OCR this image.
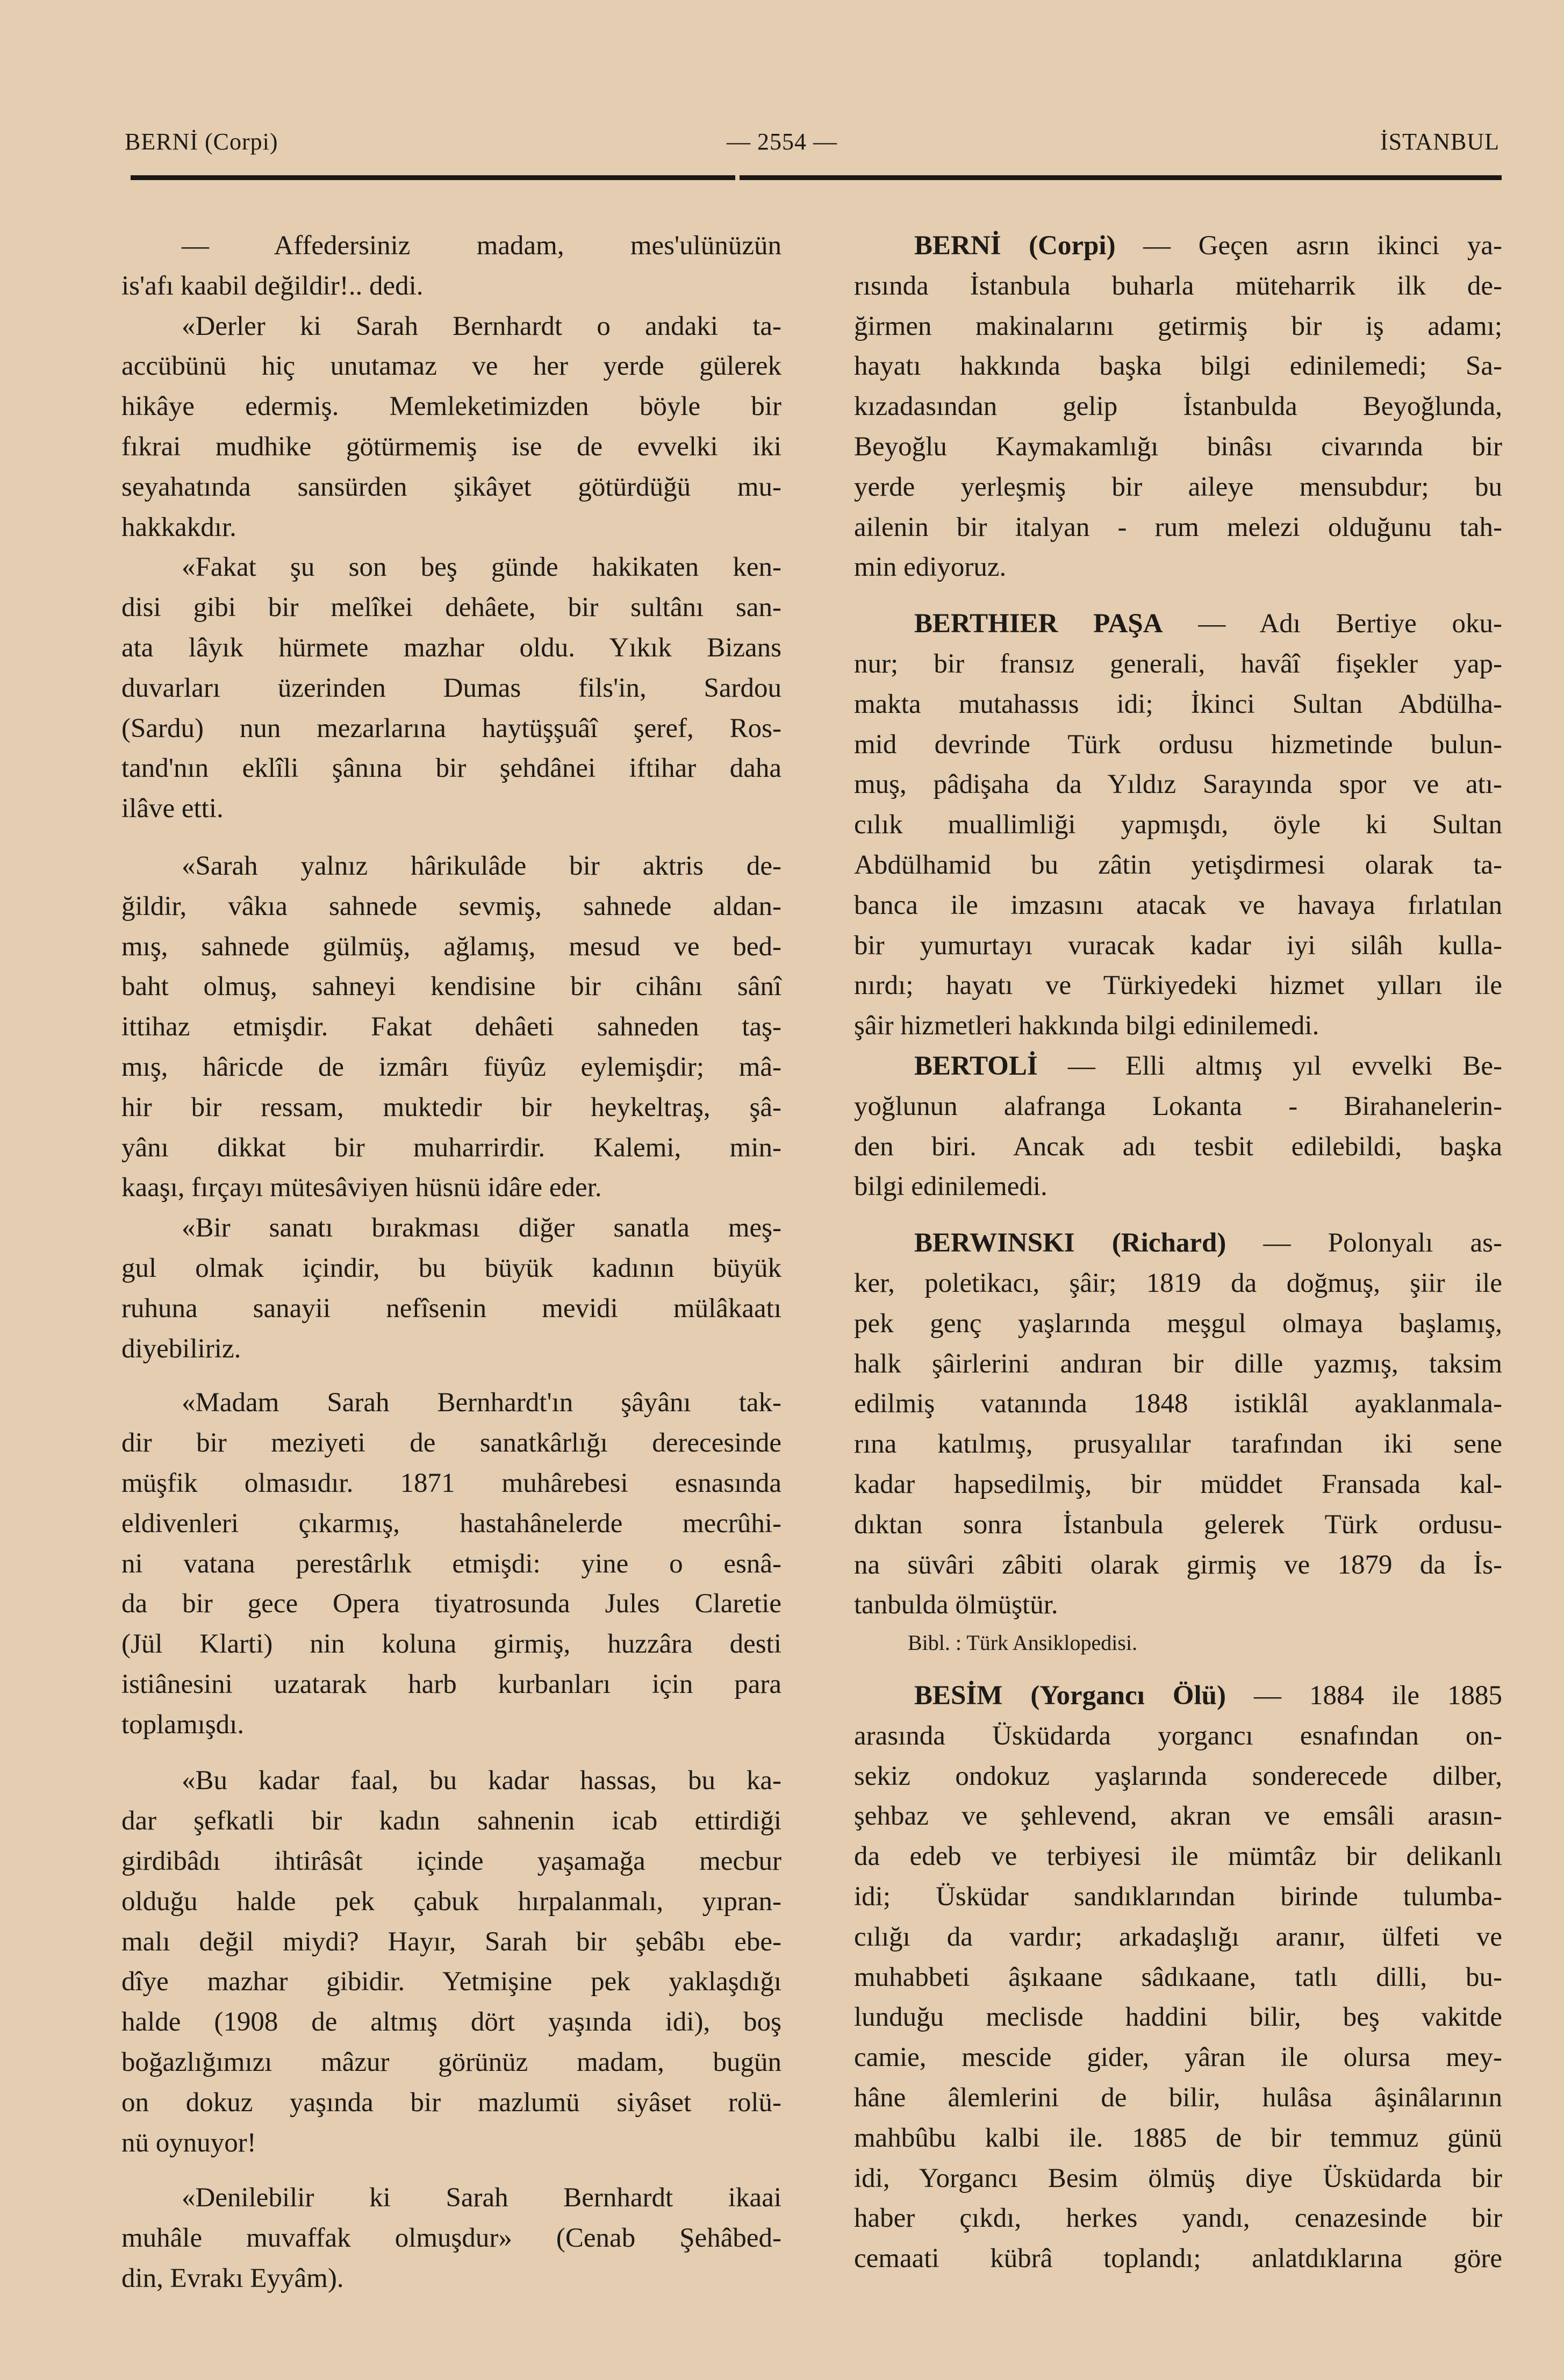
BERNİ (Corpi)	— 2554 —	İSTANBUL
— Affedersiniz madam, mes'ulünüzün
is'afı kaabil değildir!.. dedi.
«Derler ki Sarah Bernhardt o andaki ta-
accübünü hiç unutamaz ve her yerde gülerek
hikâye edermiş. Memleketimizden böyle bir
fıkrai mudhike götürmemiş ise de evvelki iki
seyahatında sansürden şikâyet götürdüğü mu-
hakkakdır.
«Fakat şu son beş günde hakikaten ken-
disi gibi bir melîkei dehâete, bir sultânı san-
ata lâyık hürmete mazhar oldu. Yıkık Bizans
duvarları üzerinden Dumas fils'in, Sardou
(Sardu) nun mezarlarına haytüşşuâî şeref, Ros-
tand'nın eklîli şânına bir şehdânei iftihar daha
ilâve etti.
«Sarah yalnız hârikulâde bir aktris de-
ğildir, vâkıa sahnede sevmiş, sahnede aldan-
mış, sahnede gülmüş, ağlamış, mesud ve bed-
baht olmuş, sahneyi kendisine bir cihânı sânî
ittihaz etmişdir. Fakat dehâeti sahneden taş-
mış, hâricde de izmârı füyûz eylemişdir; mâ-
hir bir ressam, muktedir bir heykeltraş, şâ-
yânı dikkat bir muharrirdir. Kalemi, min-
kaaşı, fırçayı mütesâviyen hüsnü idâre eder.
«Bir sanatı bırakması diğer sanatla meş-
gul olmak içindir, bu büyük kadının büyük
ruhuna sanayii nefîsenin mevidi mülâkaatı
diyebiliriz.
«Madam Sarah Bernhardt'ın şâyânı tak-
dir bir meziyeti de sanatkârlığı derecesinde
müşfik olmasıdır. 1871 muhârebesi esnasında
eldivenleri çıkarmış, hastahânelerde mecrûhi-
ni vatana perestârlık etmişdi: yine o esnâ-
da bir gece Opera tiyatrosunda Jules Claretie
(Jül Klarti) nin koluna girmiş, huzzâra desti
istiânesini uzatarak harb kurbanları için para
toplamışdı.
«Bu kadar faal, bu kadar hassas, bu ka-
dar şefkatli bir kadın sahnenin icab ettirdiği
girdibâdı ihtirâsât içinde yaşamağa mecbur
olduğu halde pek çabuk hırpalanmalı, yıpran-
malı değil miydi? Hayır, Sarah bir şebâbı ebe-
dîye mazhar gibidir. Yetmişine pek yaklaşdığı
halde (1908 de altmış dört yaşında idi), boş
boğazlığımızı mâzur görünüz madam, bugün
on dokuz yaşında bir mazlumü siyâset rolü-
nü oynuyor!
«Denilebilir ki Sarah Bernhardt ikaai
muhâle muvaffak olmuşdur» (Cenab Şehâbed-
din, Evrakı Eyyâm).
BERNİ (Corpi) — Geçen asrın ikinci ya-
rısında İstanbula buharla müteharrik ilk de-
ğirmen makinalarını getirmiş bir iş adamı;
hayatı hakkında başka bilgi edinilemedi; Sa-
kızadasından gelip İstanbulda Beyoğlunda,
Beyoğlu Kaymakamlığı binâsı civarında bir
yerde yerleşmiş bir aileye mensubdur; bu
ailenin bir italyan - rum melezi olduğunu tah-
min ediyoruz.
BERTHIER PAŞA — Adı Bertiye oku-
nur; bir fransız generali, havâî fişekler yap-
makta mutahassıs idi; İkinci Sultan Abdülha-
mid devrinde Türk ordusu hizmetinde bulun-
muş, pâdişaha da Yıldız Sarayında spor ve atı-
cılık muallimliği yapmışdı, öyle ki Sultan
Abdülhamid bu zâtin yetişdirmesi olarak ta-
banca ile imzasını atacak ve havaya fırlatılan
bir yumurtayı vuracak kadar iyi silâh kulla-
nırdı; hayatı ve Türkiyedeki hizmet yılları ile
şâir hizmetleri hakkında bilgi edinilemedi.
BERTOLİ — Elli altmış yıl evvelki Be-
yoğlunun alafranga Lokanta - Birahanelerin-
den biri. Ancak adı tesbit edilebildi, başka
bilgi edinilemedi.
BERWINSKI (Richard) — Polonyalı as-
ker, poletikacı, şâir; 1819 da doğmuş, şiir ile
pek genç yaşlarında meşgul olmaya başlamış,
halk şâirlerini andıran bir dille yazmış, taksim
edilmiş vatanında 1848 istiklâl ayaklanmala-
rına katılmış, prusyalılar tarafından iki sene
kadar hapsedilmiş, bir müddet Fransada kal-
dıktan sonra İstanbula gelerek Türk ordusu-
na süvâri zâbiti olarak girmiş ve 1879 da İs-
tanbulda ölmüştür.
Bibl. : Türk Ansiklopedisi.
BESİM (Yorgancı Ölü) — 1884 ile 1885
arasında Üsküdarda yorgancı esnafından on-
sekiz ondokuz yaşlarında sonderecede dilber,
şehbaz ve şehlevend, akran ve emsâli arasın-
da edeb ve terbiyesi ile mümtâz bir delikanlı
idi; Üsküdar sandıklarından birinde tulumba-
cılığı da vardır; arkadaşlığı aranır, ülfeti ve
muhabbeti âşıkaane sâdıkaane, tatlı dilli, bu-
lunduğu meclisde haddini bilir, beş vakitde
camie, mescide gider, yâran ile olursa mey-
hâne âlemlerini de bilir, hulâsa âşinâlarının
mahbûbu kalbi ile. 1885 de bir temmuz günü
idi, Yorgancı Besim ölmüş diye Üsküdarda bir
haber çıkdı, herkes yandı, cenazesinde bir
cemaati kübrâ toplandı; anlatdıklarına göre
